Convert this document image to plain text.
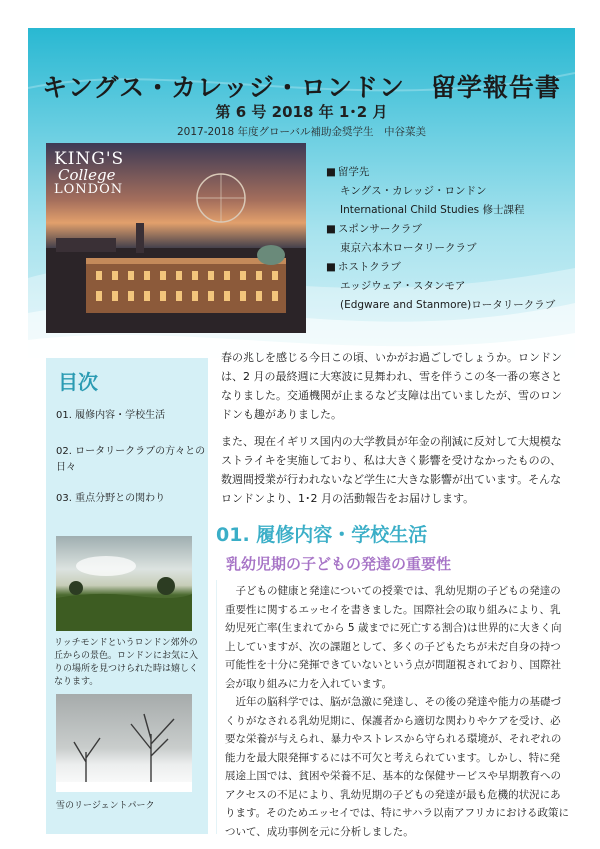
キングス・カレッジ・ロンドン　留学報告書
第 6 号 2018 年 1･2 月
2017-2018 年度グローバル補助金奨学生　中谷菜美
KING'S
College
LONDON
■ 留学先
キングス・カレッジ・ロンドン
International Child Studies 修士課程
■ スポンサークラブ
東京六本木ロータリークラブ
■ ホストクラブ
エッジウェア・スタンモア
(Edgware and Stanmore)ロータリークラブ
目次
01. 履修内容・学校生活
02. ロータリークラブの方々との日々
03. 重点分野との関わり
リッチモンドというロンドン郊外の丘からの景色。ロンドンにお気に入りの場所を見つけられた時は嬉しくなります。
雪のリージェントパーク

春の兆しを感じる今日この頃、いかがお過ごしでしょうか。ロンドンは、2 月の最終週に大寒波に見舞われ、雪を伴うこの冬一番の寒さとなりました。交通機関が止まるなど支障は出ていましたが、雪のロンドンも趣がありました。

また、現在イギリス国内の大学教員が年金の削減に反対して大規模なストライキを実施しており、私は大きく影響を受けなかったものの、数週間授業が行われないなど学生に大きな影響が出ています。そんなロンドンより、1･2 月の活動報告をお届けします。

01. 履修内容・学校生活
乳幼児期の子どもの発達の重要性

子どもの健康と発達についての授業では、乳幼児期の子どもの発達の重要性に関するエッセイを書きました。国際社会の取り組みにより、乳幼児死亡率(生まれてから 5 歳までに死亡する割合)は世界的に大きく向上していますが、次の課題として、多くの子どもたちが未だ自身の持つ可能性を十分に発揮できていないという点が問題視されており、国際社会が取り組みに力を入れています。

近年の脳科学では、脳が急激に発達し、その後の発達や能力の基礎づくりがなされる乳幼児期に、保護者から適切な関わりやケアを受け、必要な栄養が与えられ、暴力やストレスから守られる環境が、それぞれの能力を最大限発揮するには不可欠と考えられています。しかし、特に発展途上国では、貧困や栄養不足、基本的な保健サービスや早期教育へのアクセスの不足により、乳幼児期の子どもの発達が最も危機的状況にあります。そのためエッセイでは、特にサハラ以南アフリカにおける政策について、成功事例を元に分析しました。
